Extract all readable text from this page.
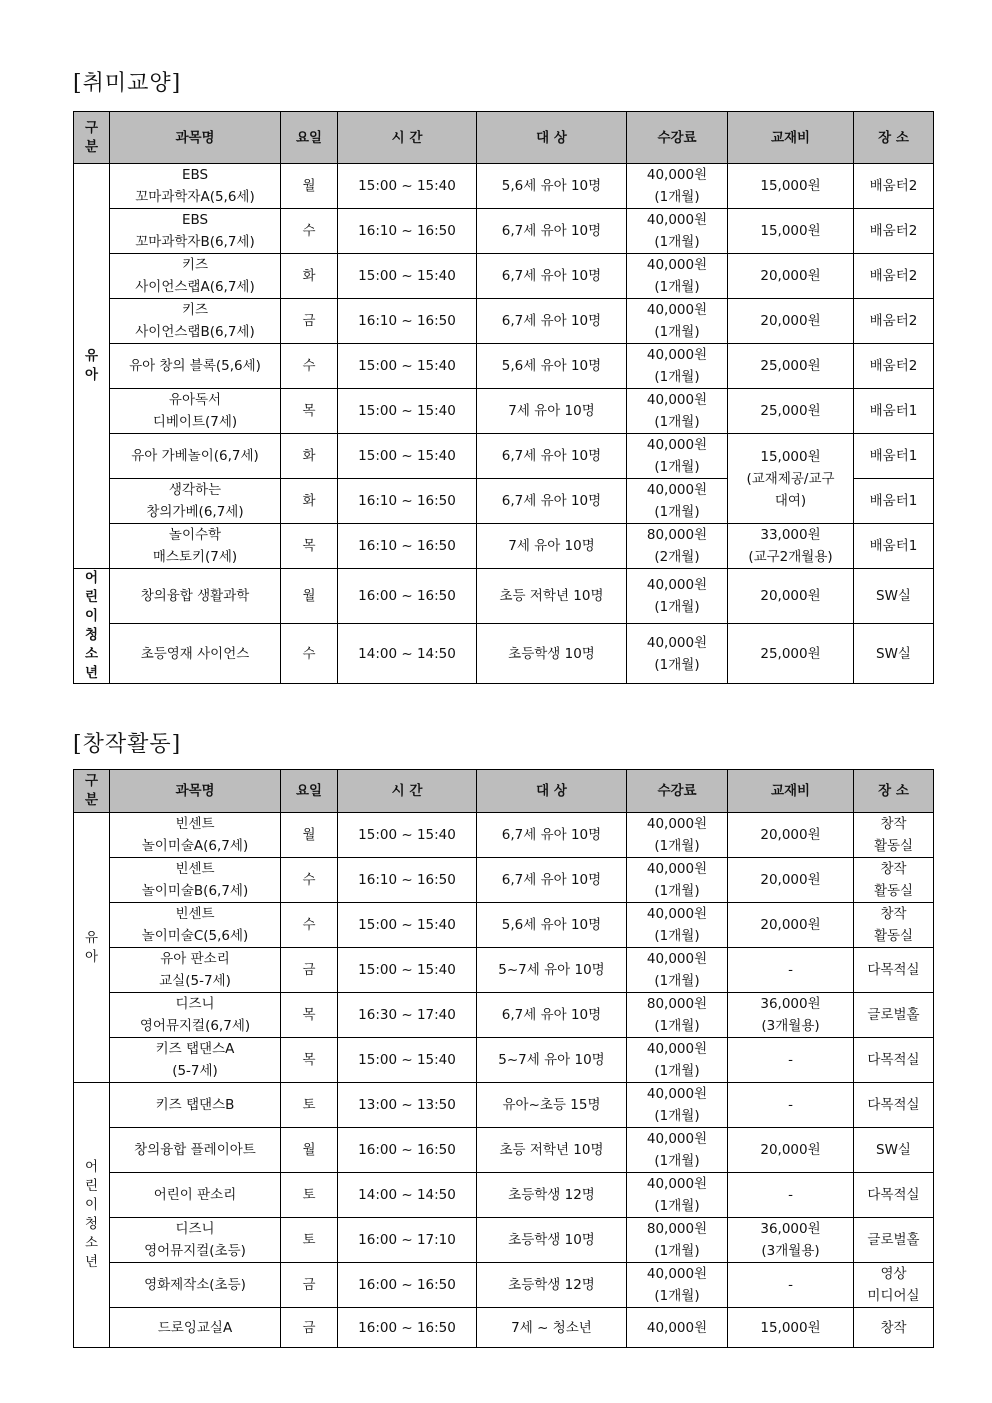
[취미교양]
구
분	과목명	요일	시 간	대 상	수강료	교재비	장 소

유아	EBS
꼬마과학자A(5,6세)	월	15:00 ~ 15:40	5,6세 유아 10명	40,000원
(1개월)	15,000원	배움터2

	EBS
꼬마과학자B(6,7세)	수	16:10 ~ 16:50	6,7세 유아 10명	40,000원
(1개월)	15,000원	배움터2

	키즈
사이언스랩A(6,7세)	화	15:00 ~ 15:40	6,7세 유아 10명	40,000원
(1개월)	20,000원	배움터2

	키즈
사이언스랩B(6,7세)	금	16:10 ~ 16:50	6,7세 유아 10명	40,000원
(1개월)	20,000원	배움터2

	유아 창의 블록(5,6세)	수	15:00 ~ 15:40	5,6세 유아 10명	40,000원
(1개월)	25,000원	배움터2

	유아독서
디베이트(7세)	목	15:00 ~ 15:40	7세 유아 10명	40,000원
(1개월)	25,000원	배움터1

	유아 가베놀이(6,7세)	화	15:00 ~ 15:40	6,7세 유아 10명	40,000원
(1개월)	15,000원
(교재제공/교구
대여)	배움터1

	생각하는
창의가베(6,7세)	화	16:10 ~ 16:50	6,7세 유아 10명	40,000원
(1개월)		배움터1

	놀이수학
매스토키(7세)	목	16:10 ~ 16:50	7세 유아 10명	80,000원
(2개월)	33,000원
(교구2개월용)	배움터1

어린이청소년	창의융합 생활과학	월	16:00 ~ 16:50	초등 저학년 10명	40,000원
(1개월)	20,000원	SW실

	초등영재 사이언스	수	14:00 ~ 14:50	초등학생 10명	40,000원
(1개월)	25,000원	SW실
[창작활동]
구
분	과목명	요일	시 간	대 상	수강료	교재비	장 소

유아	빈센트
놀이미술A(6,7세)	월	15:00 ~ 15:40	6,7세 유아 10명	40,000원
(1개월)	20,000원	창작
활동실

	빈센트
놀이미술B(6,7세)	수	16:10 ~ 16:50	6,7세 유아 10명	40,000원
(1개월)	20,000원	창작
활동실

	빈센트
놀이미술C(5,6세)	수	15:00 ~ 15:40	5,6세 유아 10명	40,000원
(1개월)	20,000원	창작
활동실

	유아 판소리
교실(5-7세)	금	15:00 ~ 15:40	5~7세 유아 10명	40,000원
(1개월)	-	다목적실

	디즈니
영어뮤지컬(6,7세)	목	16:30 ~ 17:40	6,7세 유아 10명	80,000원
(1개월)	36,000원
(3개월용)	글로벌홀

	키즈 탭댄스A
(5-7세)	목	15:00 ~ 15:40	5~7세 유아 10명	40,000원
(1개월)	-	다목적실

어린이청소년	키즈 탭댄스B	토	13:00 ~ 13:50	유아~초등 15명	40,000원
(1개월)	-	다목적실

	창의융합 플레이아트	월	16:00 ~ 16:50	초등 저학년 10명	40,000원
(1개월)	20,000원	SW실

	어린이 판소리	토	14:00 ~ 14:50	초등학생 12명	40,000원
(1개월)	-	다목적실

	디즈니
영어뮤지컬(초등)	토	16:00 ~ 17:10	초등학생 10명	80,000원
(1개월)	36,000원
(3개월용)	글로벌홀

	영화제작소(초등)	금	16:00 ~ 16:50	초등학생 12명	40,000원
(1개월)	-	영상
미디어실

	드로잉교실A	금	16:00 ~ 16:50	7세 ~ 청소년	40,000원	15,000원	창작
